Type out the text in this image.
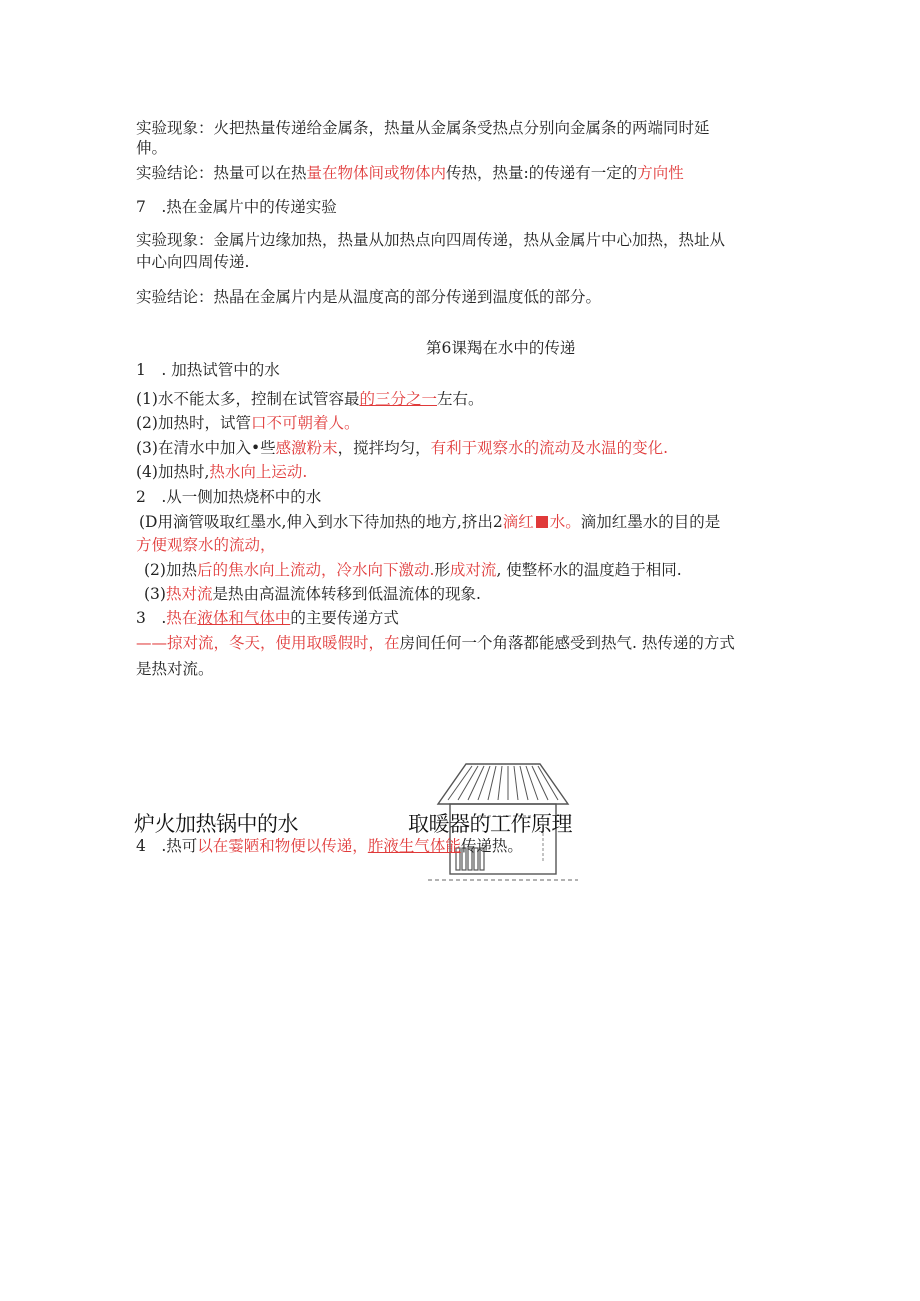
实验现象：火把热量传递给金属条，热量从金属条受热点分别向金属条的两端同时延
伸。
实验结论：热量可以在热量在物体间或物体内传热，热量:的传递有一定的方向性
7　.热在金属片中的传递实验
实验现象：金属片边缘加热，热量从加热点向四周传递，热从金属片中心加热，热址从
中心向四周传递.
实验结论：热晶在金属片内是从温度高的部分传递到温度低的部分。
第6课羯在水中的传递
1　. 加热试管中的水
(1)水不能太多，控制在试管容最的三分之一左右。
(2)加热时，试管口不可朝着人。
(3)在清水中加入•些感激粉末，搅拌均匀，有利于观察水的流动及水温的变化.
(4)加热时,热水向上运动.
2　.从一侧加热烧杯中的水
(D用滴管吸取红墨水,伸入到水下待加热的地方,挤出2滴红 水。滴加红墨水的目的是
方便观察水的流动，
(2)加热后的焦水向上流动，冷水向下激动.形成对流, 使整杯水的温度趋于相同.
(3)热对流是热由高温流体转移到低温流体的现象.
3　.热在液体和气体中的主要传递方式
——掠对流，冬天，使用取暖假时，在房间任何一个角落都能感受到热气. 热传递的方式
是热对流。
炉火加热锅中的水	取暖器的工作原理
4　.热可以在霎陋和物便以传递，胙液生气体能传递热。
